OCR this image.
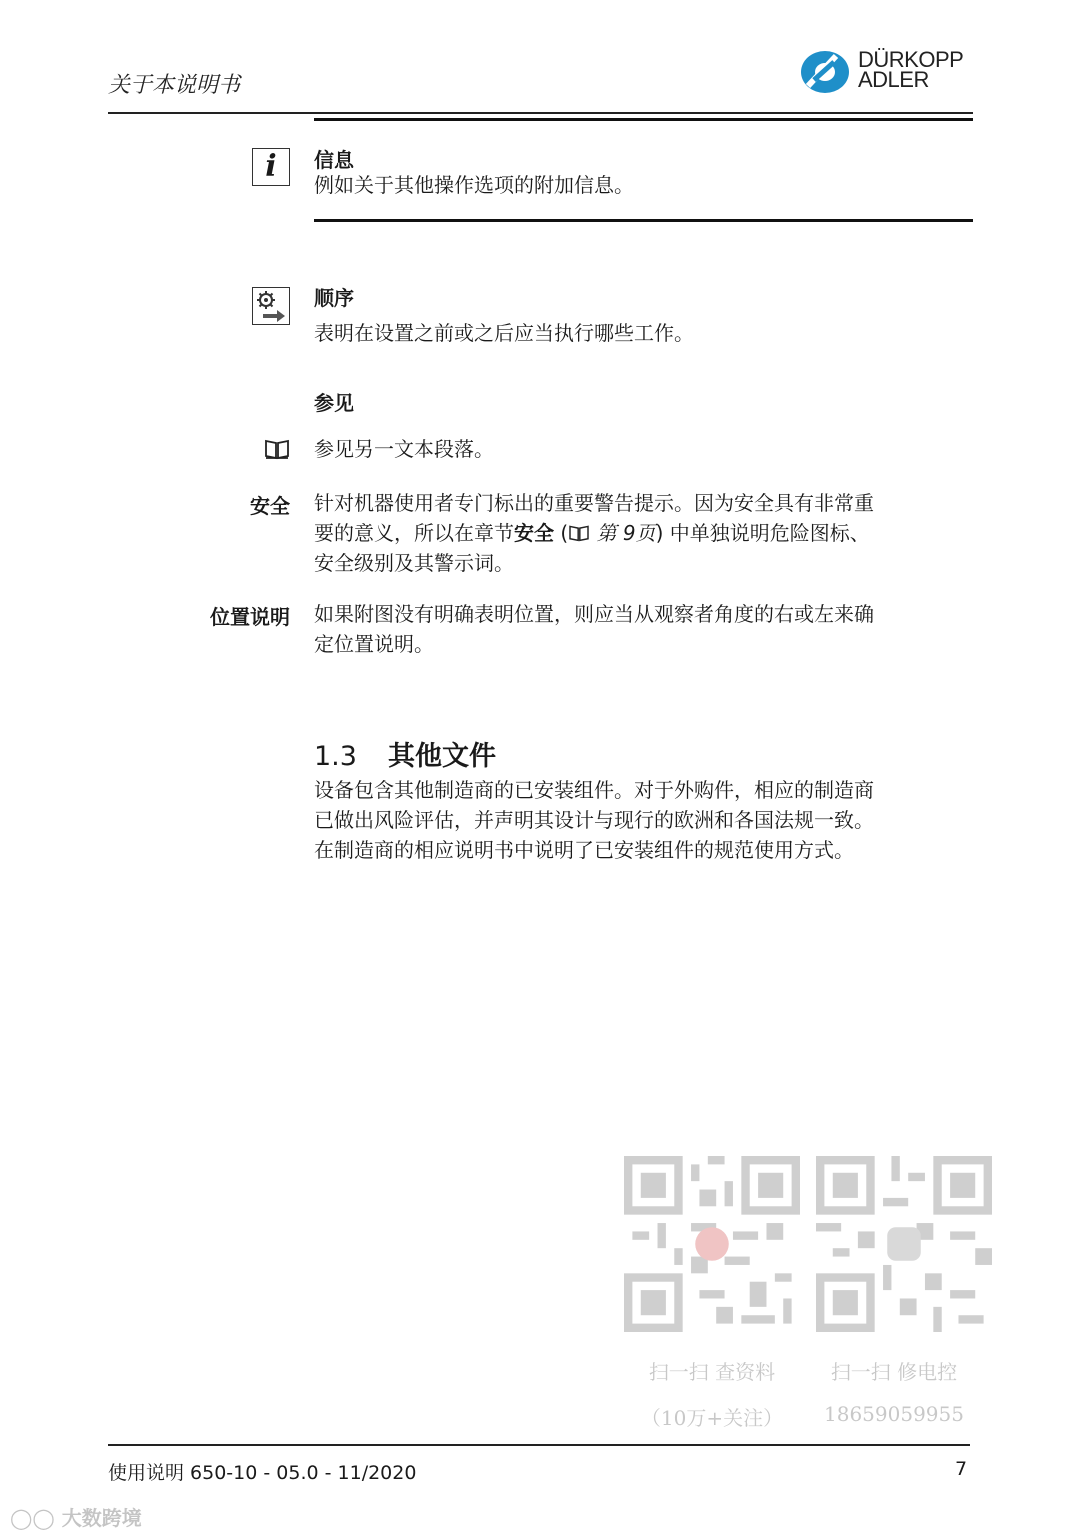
关于本说明书
DÜRKOPP
ADLER
i	信息
例如关于其他操作选项的附加信息。
顺序
表明在设置之前或之后应当执行哪些工作。
参见
参见另一文本段落。
安全 针对机器使用者专门标出的重要警告提示。因为安全具有非常重
要的意义，所以在章节安全 ( 第 9页) 中单独说明危险图标、
安全级别及其警示词。
位置说明 如果附图没有明确表明位置，则应当从观察者角度的右或左来确
定位置说明。
1.3 其他文件
设备包含其他制造商的已安装组件。对于外购件，相应的制造商
已做出风险评估，并声明其设计与现行的欧洲和各国法规一致。
在制造商的相应说明书中说明了已安装组件的规范使用方式。
扫一扫 查资料
（10万+关注）
扫一扫 修电控
18659059955
使用说明 650-10 - 05.0 - 11/2020	7
◯◯ 大数跨境
